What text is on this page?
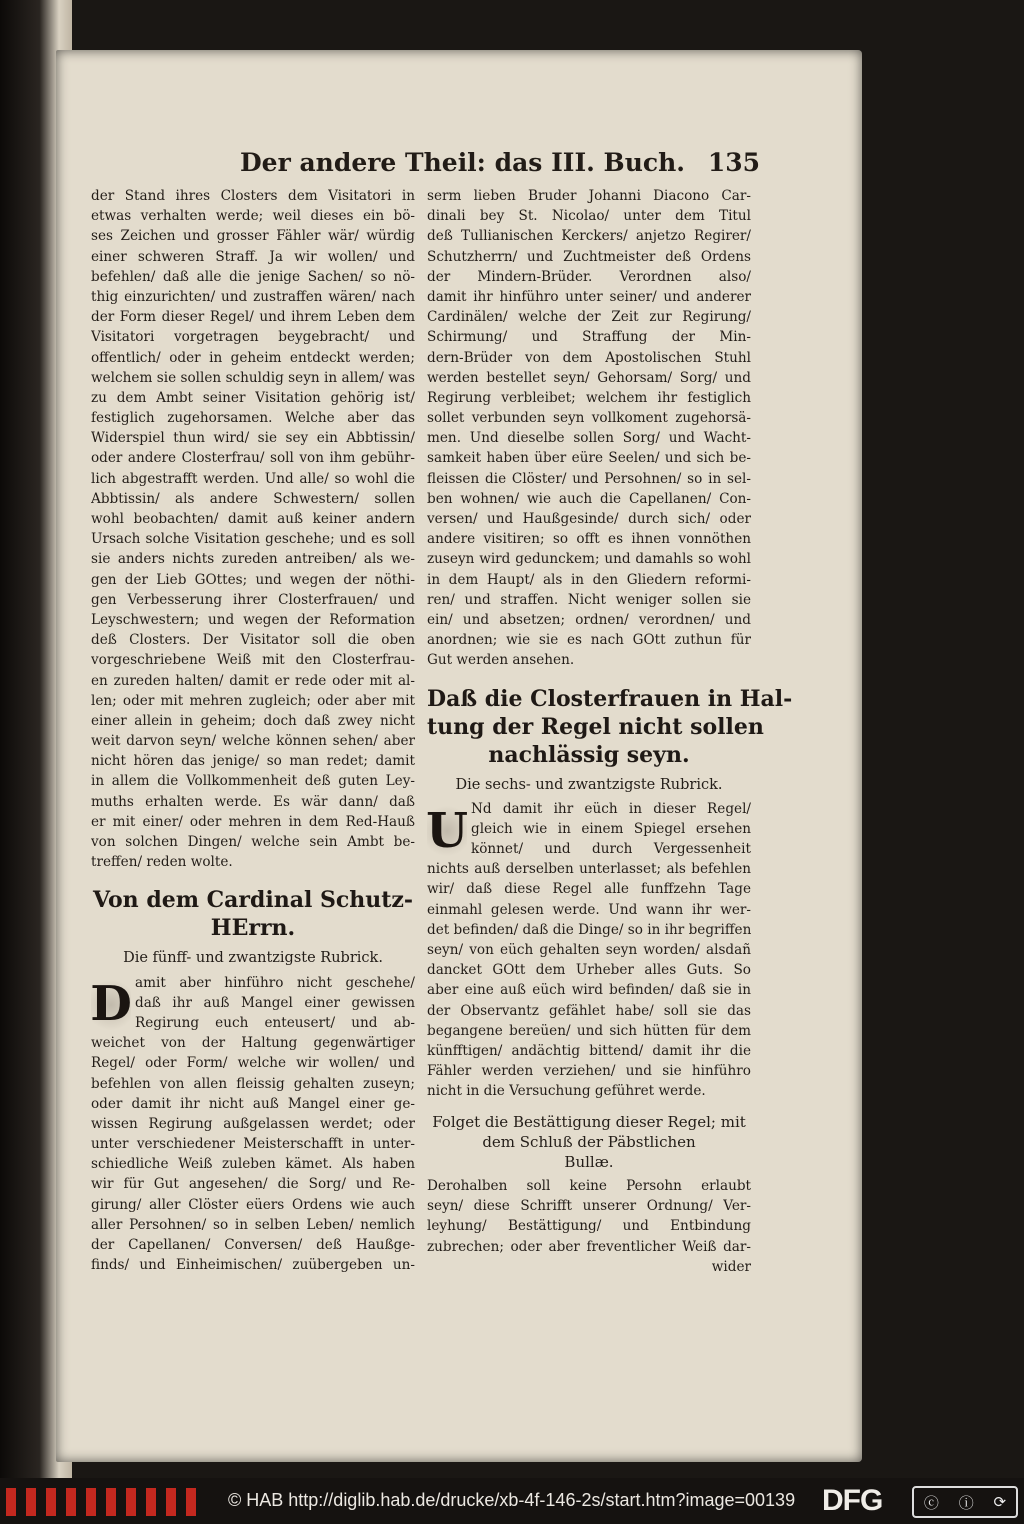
Der andere Theil: das III. Buch. 135
der Stand ihres Closters dem Visitatori in
etwas verhalten werde; weil dieses ein bö-
ses Zeichen und grosser Fähler wär/ würdig
einer schweren Straff. Ja wir wollen/ und
befehlen/ daß alle die jenige Sachen/ so nö-
thig einzurichten/ und zustraffen wären/ nach
der Form dieser Regel/ und ihrem Leben dem
Visitatori vorgetragen beygebracht/ und
offentlich/ oder in geheim entdeckt werden;
welchem sie sollen schuldig seyn in allem/ was
zu dem Ambt seiner Visitation gehörig ist/
festiglich zugehorsamen. Welche aber das
Widerspiel thun wird/ sie sey ein Abbtissin/
oder andere Closterfrau/ soll von ihm gebühr-
lich abgestrafft werden. Und alle/ so wohl die
Abbtissin/ als andere Schwestern/ sollen
wohl beobachten/ damit auß keiner andern
Ursach solche Visitation geschehe; und es soll
sie anders nichts zureden antreiben/ als we-
gen der Lieb GOttes; und wegen der nöthi-
gen Verbesserung ihrer Closterfrauen/ und
Leyschwestern; und wegen der Reformation
deß Closters. Der Visitator soll die oben
vorgeschriebene Weiß mit den Closterfrau-
en zureden halten/ damit er rede oder mit al-
len; oder mit mehren zugleich; oder aber mit
einer allein in geheim; doch daß zwey nicht
weit darvon seyn/ welche können sehen/ aber
nicht hören das jenige/ so man redet; damit
in allem die Vollkommenheit deß guten Ley-
muths erhalten werde. Es wär dann/ daß
er mit einer/ oder mehren in dem Red-Hauß
von solchen Dingen/ welche sein Ambt be-
treffen/ reden wolte.
Von dem Cardinal Schutz-
HErrn.
Die fünff- und zwantzigste Rubrick.
D amit aber hinführo nicht geschehe/
daß ihr auß Mangel einer gewissen
Regirung euch enteusert/ und ab-
weichet von der Haltung gegenwärtiger
Regel/ oder Form/ welche wir wollen/ und
befehlen von allen fleissig gehalten zuseyn;
oder damit ihr nicht auß Mangel einer ge-
wissen Regirung außgelassen werdet; oder
unter verschiedener Meisterschafft in unter-
schiedliche Weiß zuleben kämet. Als haben
wir für Gut angesehen/ die Sorg/ und Re-
girung/ aller Clöster eüers Ordens wie auch
aller Persohnen/ so in selben Leben/ nemlich
der Capellanen/ Conversen/ deß Haußge-
finds/ und Einheimischen/ zuübergeben un-
serm lieben Bruder Johanni Diacono Car-
dinali bey St. Nicolao/ unter dem Titul
deß Tullianischen Kerckers/ anjetzo Regirer/
Schutzherrn/ und Zuchtmeister deß Ordens
der Mindern-Brüder. Verordnen also/
damit ihr hinführo unter seiner/ und anderer
Cardinälen/ welche der Zeit zur Regirung/
Schirmung/ und Straffung der Min-
dern-Brüder von dem Apostolischen Stuhl
werden bestellet seyn/ Gehorsam/ Sorg/ und
Regirung verbleibet; welchem ihr festiglich
sollet verbunden seyn vollkoment zugehorsä-
men. Und dieselbe sollen Sorg/ und Wacht-
samkeit haben über eüre Seelen/ und sich be-
fleissen die Clöster/ und Persohnen/ so in sel-
ben wohnen/ wie auch die Capellanen/ Con-
versen/ und Haußgesinde/ durch sich/ oder
andere visitiren; so offt es ihnen vonnöthen
zuseyn wird gedunckem; und damahls so wohl
in dem Haupt/ als in den Gliedern reformi-
ren/ und straffen. Nicht weniger sollen sie
ein/ und absetzen; ordnen/ verordnen/ und
anordnen; wie sie es nach GOtt zuthun für
Gut werden ansehen.
Daß die Closterfrauen in Hal-
tung der Regel nicht sollen
nachlässig seyn.
Die sechs- und zwantzigste Rubrick.
U Nd damit ihr eüch in dieser Regel/
gleich wie in einem Spiegel ersehen
könnet/ und durch Vergessenheit
nichts auß derselben unterlasset; als befehlen
wir/ daß diese Regel alle funffzehn Tage
einmahl gelesen werde. Und wann ihr wer-
det befinden/ daß die Dinge/ so in ihr begriffen
seyn/ von eüch gehalten seyn worden/ alsdañ
dancket GOtt dem Urheber alles Guts. So
aber eine auß eüch wird befinden/ daß sie in
der Observantz gefählet habe/ soll sie das
begangene bereüen/ und sich hütten für dem
künfftigen/ andächtig bittend/ damit ihr die
Fähler werden verziehen/ und sie hinführo
nicht in die Versuchung geführet werde.
Folget die Bestättigung dieser Regel; mit
dem Schluß der Päbstlichen
Bullæ.
Derohalben soll keine Persohn erlaubt
seyn/ diese Schrifft unserer Ordnung/ Ver-
leyhung/ Bestättigung/ und Entbindung
zubrechen; oder aber freventlicher Weiß dar-
wider
© HAB http://diglib.hab.de/drucke/xb-4f-146-2s/start.htm?image=00139 DFG	ⓒ ⓘ ⟳
